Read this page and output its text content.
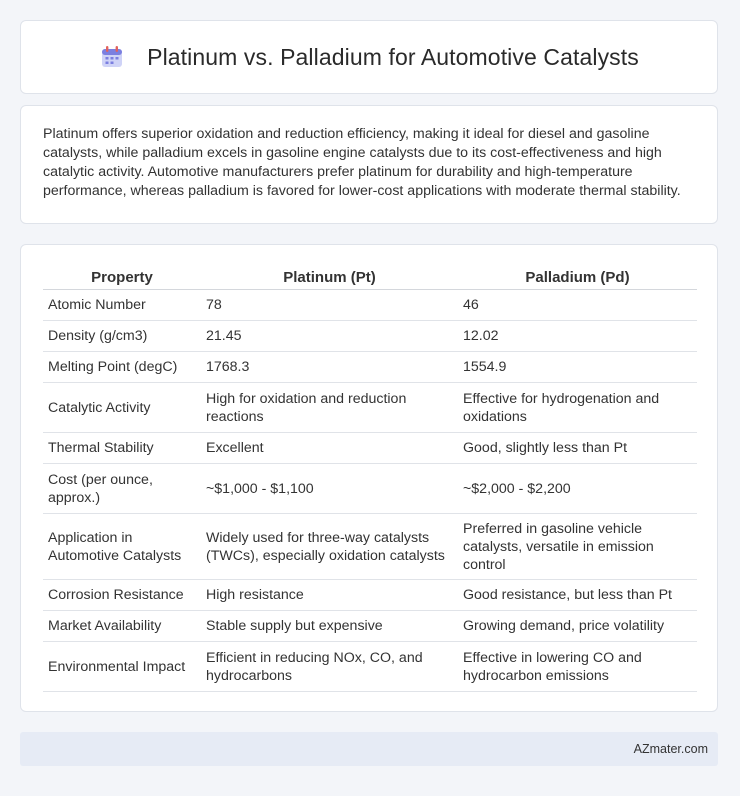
Platinum vs. Palladium for Automotive Catalysts

Platinum offers superior oxidation and reduction efficiency, making it ideal for diesel and gasoline catalysts, while palladium excels in gasoline engine catalysts due to its cost-effectiveness and high catalytic activity. Automotive manufacturers prefer platinum for durability and high-temperature performance, whereas palladium is favored for lower-cost applications with moderate thermal stability.

Property	Platinum (Pt)	Palladium (Pd)
Atomic Number	78	46
Density (g/cm3)	21.45	12.02
Melting Point (degC)	1768.3	1554.9
Catalytic Activity	High for oxidation and reduction reactions	Effective for hydrogenation and oxidations
Thermal Stability	Excellent	Good, slightly less than Pt
Cost (per ounce, approx.)	~$1,000 - $1,100	~$2,000 - $2,200
Application in Automotive Catalysts	Widely used for three-way catalysts (TWCs), especially oxidation catalysts	Preferred in gasoline vehicle catalysts, versatile in emission control
Corrosion Resistance	High resistance	Good resistance, but less than Pt
Market Availability	Stable supply but expensive	Growing demand, price volatility
Environmental Impact	Efficient in reducing NOx, CO, and hydrocarbons	Effective in lowering CO and hydrocarbon emissions
AZmater.com
